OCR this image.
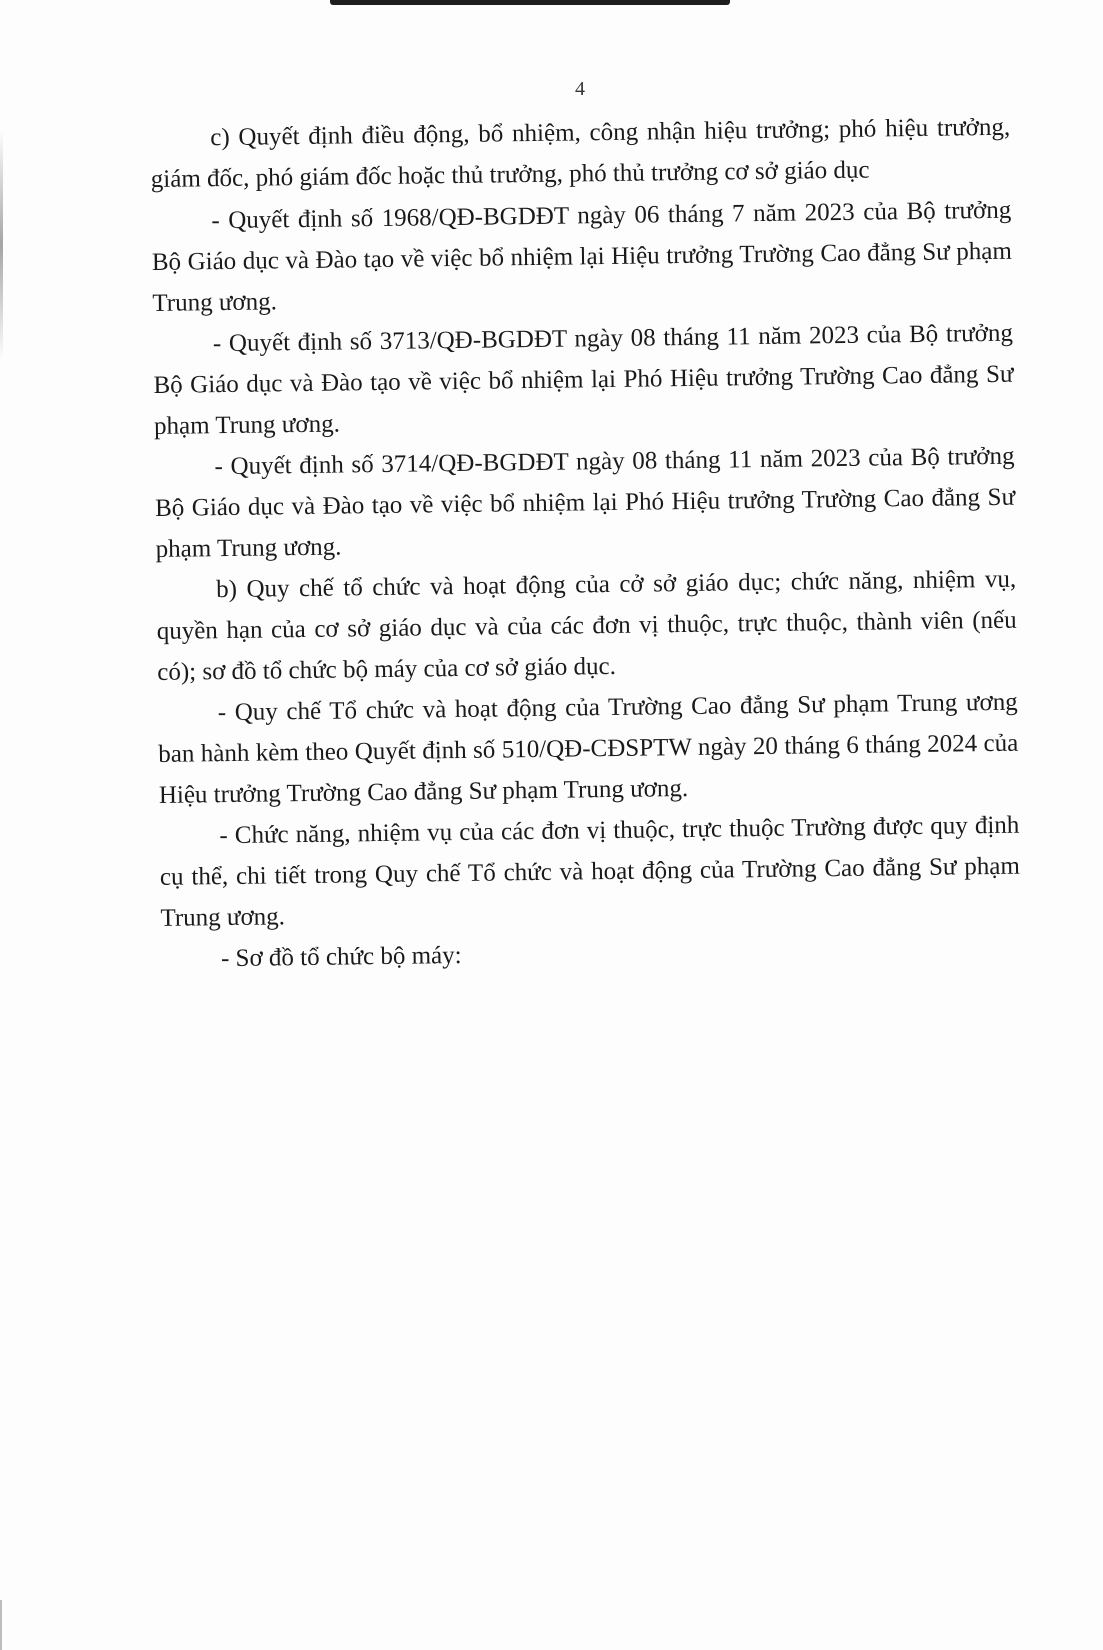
4

c) Quyết định điều động, bổ nhiệm, công nhận hiệu trưởng; phó hiệu trưởng, giám đốc, phó giám đốc hoặc thủ trưởng, phó thủ trưởng cơ sở giáo dục

- Quyết định số 1968/QĐ-BGDĐT ngày 06 tháng 7 năm 2023 của Bộ trưởng Bộ Giáo dục và Đào tạo về việc bổ nhiệm lại Hiệu trưởng Trường Cao đẳng Sư phạm Trung ương.

- Quyết định số 3713/QĐ-BGDĐT ngày 08 tháng 11 năm 2023 của Bộ trưởng Bộ Giáo dục và Đào tạo về việc bổ nhiệm lại Phó Hiệu trưởng Trường Cao đẳng Sư phạm Trung ương.

- Quyết định số 3714/QĐ-BGDĐT ngày 08 tháng 11 năm 2023 của Bộ trưởng Bộ Giáo dục và Đào tạo về việc bổ nhiệm lại Phó Hiệu trưởng Trường Cao đẳng Sư phạm Trung ương.

b) Quy chế tổ chức và hoạt động của cở sở giáo dục; chức năng, nhiệm vụ, quyền hạn của cơ sở giáo dục và của các đơn vị thuộc, trực thuộc, thành viên (nếu có); sơ đồ tổ chức bộ máy của cơ sở giáo dục.

- Quy chế Tổ chức và hoạt động của Trường Cao đẳng Sư phạm Trung ương ban hành kèm theo Quyết định số 510/QĐ-CĐSPTW ngày 20 tháng 6 tháng 2024 của Hiệu trưởng Trường Cao đẳng Sư phạm Trung ương.

- Chức năng, nhiệm vụ của các đơn vị thuộc, trực thuộc Trường được quy định cụ thể, chi tiết trong Quy chế Tổ chức và hoạt động của Trường Cao đẳng Sư phạm Trung ương.

- Sơ đồ tổ chức bộ máy:
